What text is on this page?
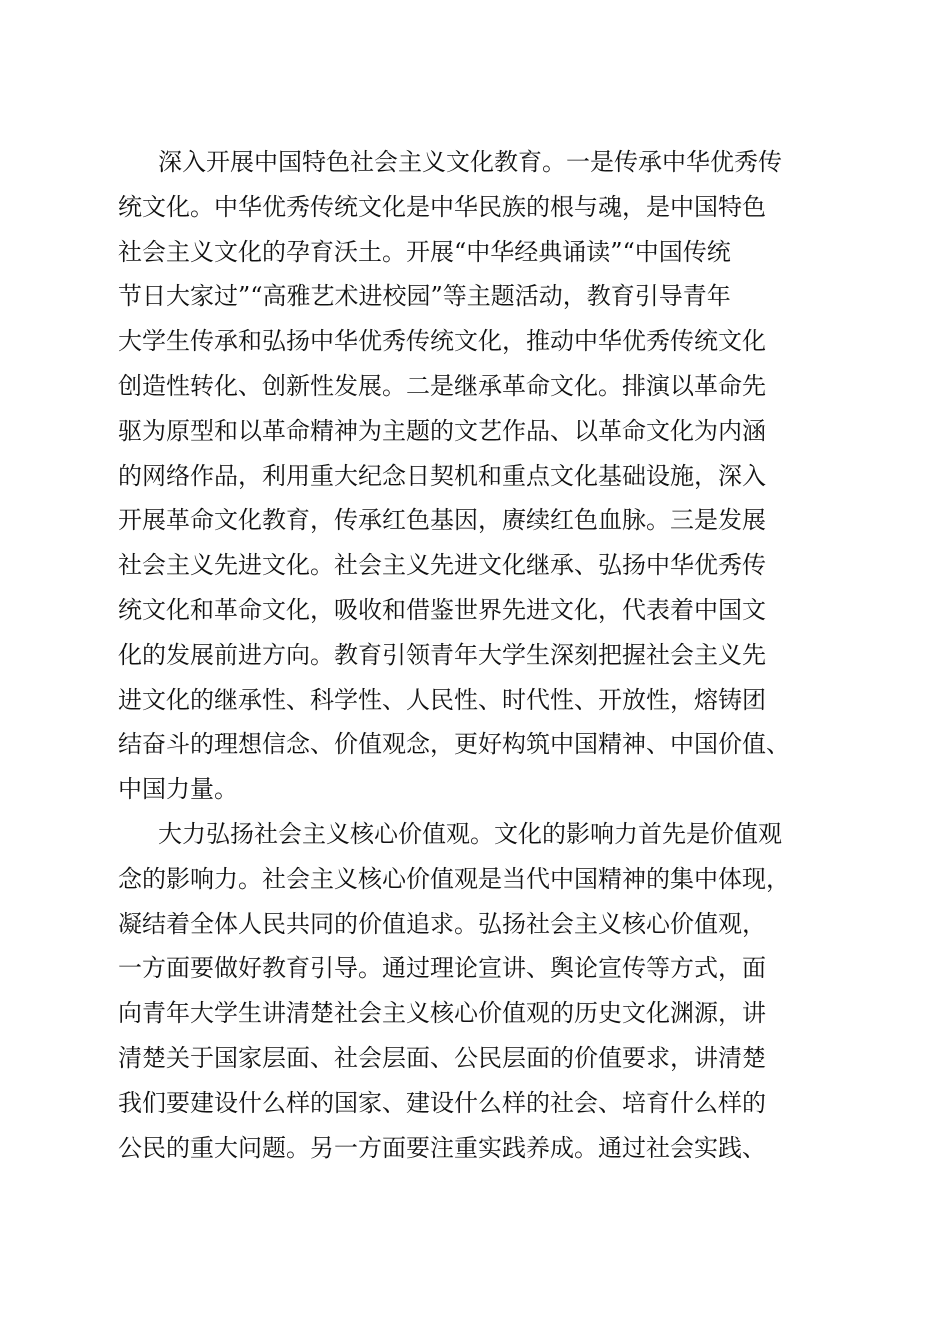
深入开展中国特色社会主义文化教育。一是传承中华优秀传
统文化。中华优秀传统文化是中华民族的根与魂，是中国特色
社会主义文化的孕育沃土。开展“中华经典诵读”“中国传统
节日大家过”“高雅艺术进校园”等主题活动，教育引导青年
大学生传承和弘扬中华优秀传统文化，推动中华优秀传统文化
创造性转化、创新性发展。二是继承革命文化。排演以革命先
驱为原型和以革命精神为主题的文艺作品、以革命文化为内涵
的网络作品，利用重大纪念日契机和重点文化基础设施，深入
开展革命文化教育，传承红色基因，赓续红色血脉。三是发展
社会主义先进文化。社会主义先进文化继承、弘扬中华优秀传
统文化和革命文化，吸收和借鉴世界先进文化，代表着中国文
化的发展前进方向。教育引领青年大学生深刻把握社会主义先
进文化的继承性、科学性、人民性、时代性、开放性，熔铸团
结奋斗的理想信念、价值观念，更好构筑中国精神、中国价值、
中国力量。
大力弘扬社会主义核心价值观。文化的影响力首先是价值观
念的影响力。社会主义核心价值观是当代中国精神的集中体现，
凝结着全体人民共同的价值追求。弘扬社会主义核心价值观，
一方面要做好教育引导。通过理论宣讲、舆论宣传等方式，面
向青年大学生讲清楚社会主义核心价值观的历史文化渊源，讲
清楚关于国家层面、社会层面、公民层面的价值要求，讲清楚
我们要建设什么样的国家、建设什么样的社会、培育什么样的
公民的重大问题。另一方面要注重实践养成。通过社会实践、
